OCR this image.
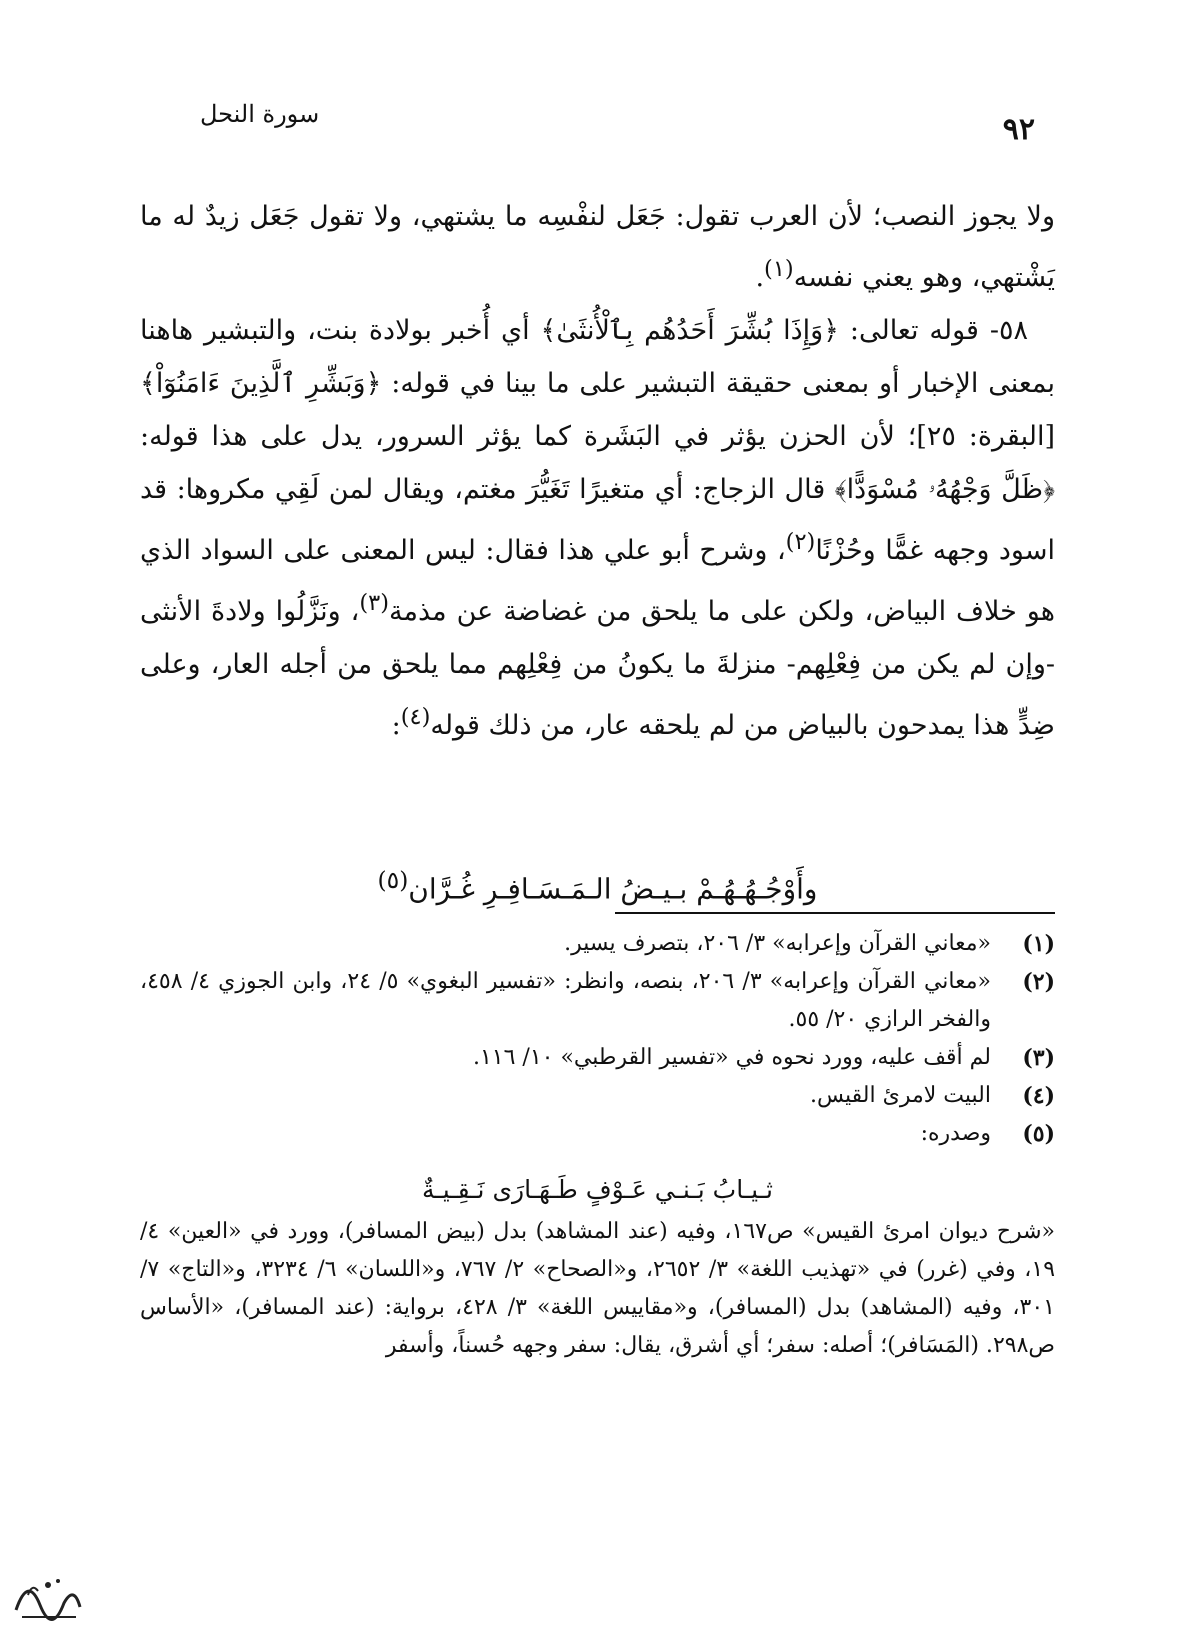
٩٢
سورة النحل

ولا يجوز النصب؛ لأن العرب تقول: جَعَل لنفْسِه ما يشتهي، ولا تقول جَعَل زيدٌ له ما يَشْتهي، وهو يعني نفسه$^{(١)}$.

 ٥٨- قوله تعالى: ﴿وَإِذَا بُشِّرَ أَحَدُهُم بِٱلْأُنثَىٰ﴾ أي أُخبر بولادة بنت، والتبشير هاهنا بمعنى الإخبار أو بمعنى حقيقة التبشير على ما بينا في قوله: ﴿وَبَشِّرِ ٱلَّذِينَ ءَامَنُوٓاْ﴾ [البقرة: ٢٥]؛ لأن الحزن يؤثر في البَشَرة كما يؤثر السرور، يدل على هذا قوله: ﴿ظَلَّ وَجْهُهُۥ مُسْوَدًّا﴾ قال الزجاج: أي متغيرًا تَغَيُّرَ مغتم، ويقال لمن لَقِي مكروها: قد اسود وجهه غمًّا وحُزْنًا$^{(٢)}$، وشرح أبو علي هذا فقال: ليس المعنى على السواد الذي هو خلاف البياض، ولكن على ما يلحق من غضاضة عن مذمة$^{(٣)}$، ونَزَّلُوا ولادةَ الأنثى -وإن لم يكن من فِعْلِهم- منزلةَ ما يكونُ من فِعْلِهم مما يلحق من أجله العار، وعلى ضِدٍّ هذا يمدحون بالبياض من لم يلحقه عار، من ذلك قوله$^{(٤)}$:

وأَوْجُـهُـهُـمْ بـيـضُ الـمَـسَـافِـرِ غُـرَّان$^{(٥)}$
(١)
«معاني القرآن وإعرابه» ٣/ ٢٠٦، بتصرف يسير.
(٢)
«معاني القرآن وإعرابه» ٣/ ٢٠٦، بنصه، وانظر: «تفسير البغوي» ٥/ ٢٤، وابن الجوزي ٤/ ٤٥٨، والفخر الرازي ٢٠/ ٥٥.
(٣)
لم أقف عليه، وورد نحوه في «تفسير القرطبي» ١٠/ ١١٦.
(٤)
البيت لامرئ القيس.
(٥)
وصدره:
ثـيـابُ بَـنـي عَـوْفٍ طَـهَـارَى نَـقِـيـةٌ
«شرح ديوان امرئ القيس» ص١٦٧، وفيه (عند المشاهد) بدل (بيض المسافر)، وورد في «العين» ٤/ ١٩، وفي (غرر) في «تهذيب اللغة» ٣/ ٢٦٥٢، و«الصحاح» ٢/ ٧٦٧، و«اللسان» ٦/ ٣٢٣٤، و«التاج» ٧/ ٣٠١، وفيه (المشاهد) بدل (المسافر)، و«مقاييس اللغة» ٣/ ٤٢٨، برواية: (عند المسافر)، «الأساس ص٢٩٨. (المَسَافر)؛ أصله: سفر؛ أي أشرق، يقال: سفر وجهه حُسناً، وأسفر
